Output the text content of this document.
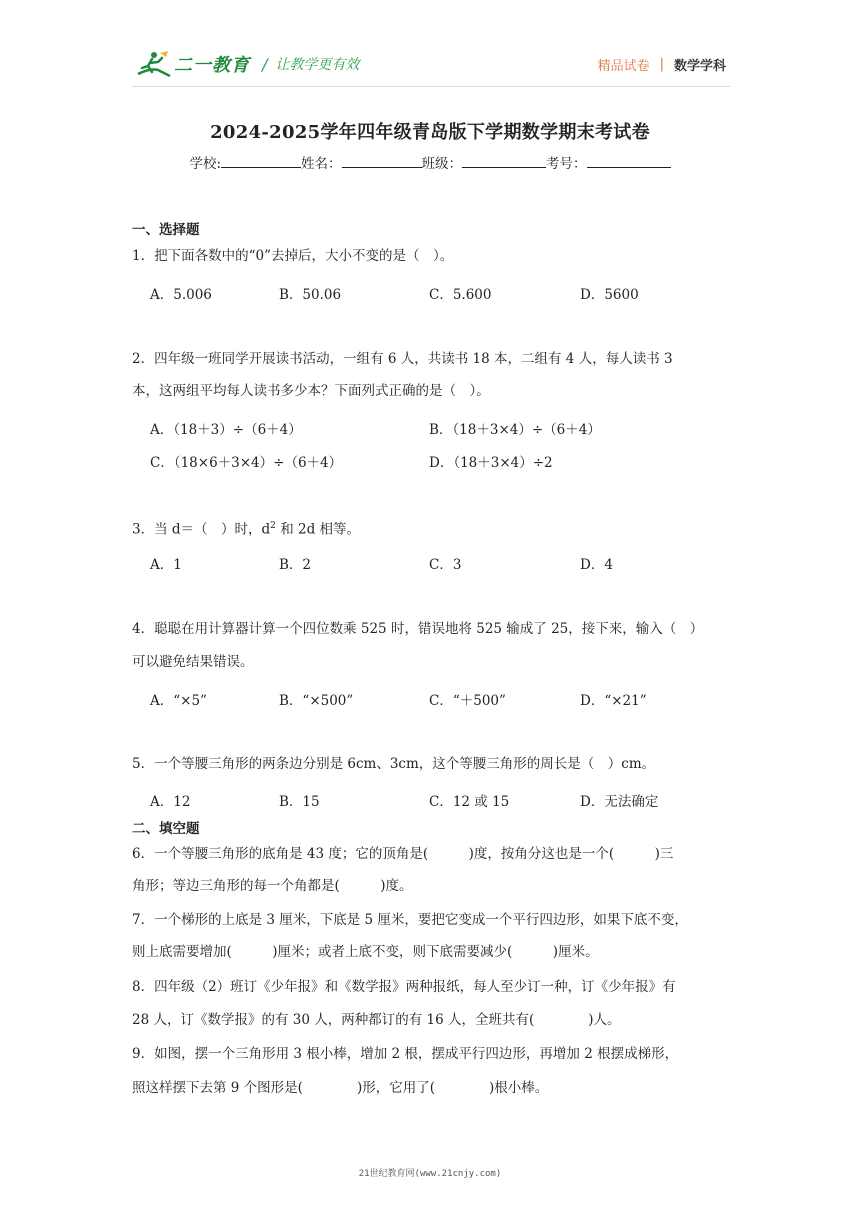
二一教育 / 让教学更有效	精品试卷 | 数学学科
2024-2025学年四年级青岛版下学期数学期末考试卷
学校:	姓名：	班级：	考号：
一、选择题
1．把下面各数中的“0”去掉后，大小不变的是（　）。
A．5.006	B．50.06	C．5.600	D．5600
2．四年级一班同学开展读书活动，一组有 6 人，共读书 18 本，二组有 4 人，每人读书 3
本，这两组平均每人读书多少本？下面列式正确的是（　）。
A．（18＋3）÷（6＋4）	B．（18＋3×4）÷（6＋4）
C．（18×6＋3×4）÷（6＋4）	D．（18＋3×4）÷2
3．当 d＝（　）时，$d^2$ 和 2d 相等。
A．1	B．2	C．3	D．4
4．聪聪在用计算器计算一个四位数乘 525 时，错误地将 525 输成了 25，接下来，输入（　）
可以避免结果错误。
A．“×5”	B．“×500”	C．“＋500”	D．“×21”
5．一个等腰三角形的两条边分别是 6cm、3cm，这个等腰三角形的周长是（　）cm。
A．12	B．15	C．12 或 15	D．无法确定
二、填空题
6．一个等腰三角形的底角是 43 度；它的顶角是(　　　)度，按角分这也是一个(　　　)三
角形；等边三角形的每一个角都是(　　　)度。
7．一个梯形的上底是 3 厘米，下底是 5 厘米，要把它变成一个平行四边形，如果下底不变，
则上底需要增加(　　　)厘米；或者上底不变，则下底需要减少(　　　)厘米。
8．四年级（2）班订《少年报》和《数学报》两种报纸，每人至少订一种，订《少年报》有
28 人，订《数学报》的有 30 人，两种都订的有 16 人，全班共有(　　　　)人。
9．如图，摆一个三角形用 3 根小棒，增加 2 根，摆成平行四边形，再增加 2 根摆成梯形，
照这样摆下去第 9 个图形是(　　　　)形，它用了(　　　　)根小棒。
21世纪教育网(www.21cnjy.com)
